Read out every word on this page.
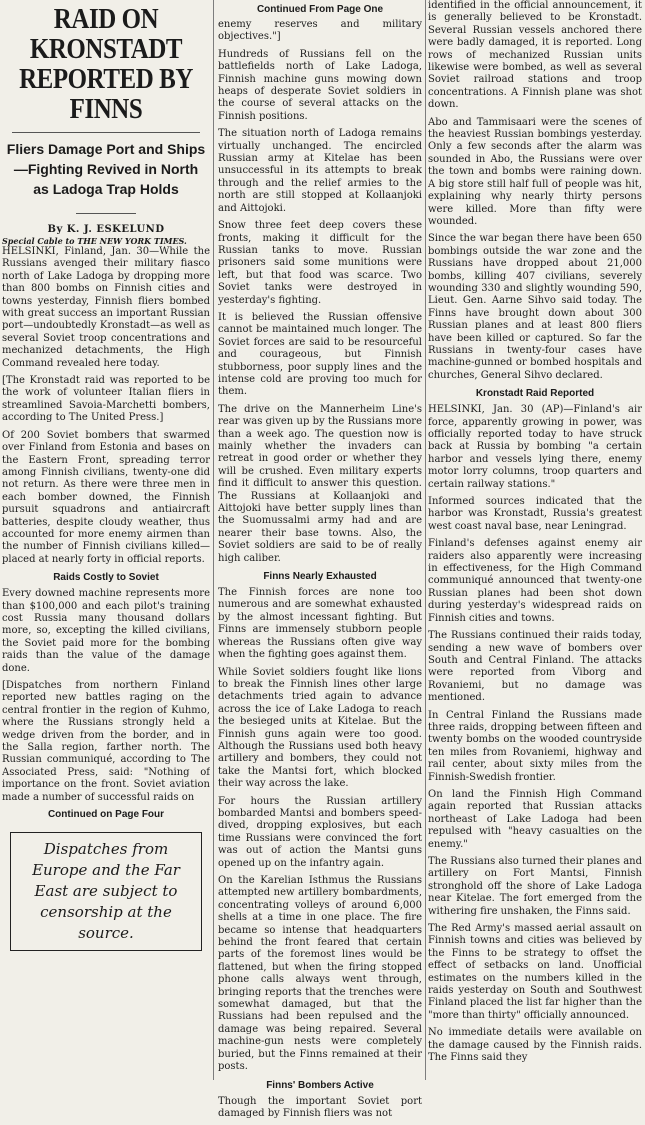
RAID ON KRONSTADT REPORTED BY FINNS
Fliers Damage Port and Ships —Fighting Revived in North as Ladoga Trap Holds
By K. J. ESKELUND
Special Cable to THE NEW YORK TIMES.

HELSINKI, Finland, Jan. 30—While the Russians avenged their military fiasco north of Lake Ladoga by dropping more than 800 bombs on Finnish cities and towns yesterday, Finnish fliers bombed with great success an important Russian port—undoubtedly Kronstadt—as well as several Soviet troop concentrations and mechanized detachments, the High Command revealed here today.

[The Kronstadt raid was reported to be the work of volunteer Italian fliers in streamlined Savoia-Marchetti bombers, according to The United Press.]

Of 200 Soviet bombers that swarmed over Finland from Estonia and bases on the Eastern Front, spreading terror among Finnish civilians, twenty-one did not return. As there were three men in each bomber downed, the Finnish pursuit squadrons and antiaircraft batteries, despite cloudy weather, thus accounted for more enemy airmen than the number of Finnish civilians killed—placed at nearly forty in official reports.

Raids Costly to Soviet

Every downed machine represents more than $100,000 and each pilot's training cost Russia many thousand dollars more, so, excepting the killed civilians, the Soviet paid more for the bombing raids than the value of the damage done.

[Dispatches from northern Finland reported new battles raging on the central frontier in the region of Kuhmo, where the Russians strongly held a wedge driven from the border, and in the Salla region, farther north. The Russian communiqué, according to The Associated Press, said: "Nothing of importance on the front. Soviet aviation made a number of successful raids on

Continued on Page Four
Dispatches from Europe and the Far East are subject to censorship at the source.
Continued From Page One

enemy reserves and military objectives."]

Hundreds of Russians fell on the battlefields north of Lake Ladoga, Finnish machine guns mowing down heaps of desperate Soviet soldiers in the course of several attacks on the Finnish positions.

The situation north of Ladoga remains virtually unchanged. The encircled Russian army at Kitelae has been unsuccessful in its attempts to break through and the relief armies to the north are still stopped at Kollaanjoki and Aittojoki.

Snow three feet deep covers these fronts, making it difficult for the Russian tanks to move. Russian prisoners said some munitions were left, but that food was scarce. Two Soviet tanks were destroyed in yesterday's fighting.

It is believed the Russian offensive cannot be maintained much longer. The Soviet forces are said to be resourceful and courageous, but Finnish stubborness, poor supply lines and the intense cold are proving too much for them.

The drive on the Mannerheim Line's rear was given up by the Russians more than a week ago. The question now is mainly whether the invaders can retreat in good order or whether they will be crushed. Even military experts find it difficult to answer this question. The Russians at Kollaanjoki and Aittojoki have better supply lines than the Suomussalmi army had and are nearer their base towns. Also, the Soviet soldiers are said to be of really high caliber.

Finns Nearly Exhausted

The Finnish forces are none too numerous and are somewhat exhausted by the almost incessant fighting. But Finns are immensely stubborn people whereas the Russians often give way when the fighting goes against them.

While Soviet soldiers fought like lions to break the Finnish lines other large detachments tried again to advance across the ice of Lake Ladoga to reach the besieged units at Kitelae. But the Finnish guns again were too good. Although the Russians used both heavy artillery and bombers, they could not take the Mantsi fort, which blocked their way across the lake.

For hours the Russian artillery bombarded Mantsi and bombers speed-dived, dropping explosives, but each time Russians were convinced the fort was out of action the Mantsi guns opened up on the infantry again.

On the Karelian Isthmus the Russians attempted new artillery bombardments, concentrating volleys of around 6,000 shells at a time in one place. The fire became so intense that headquarters behind the front feared that certain parts of the foremost lines would be flattened, but when the firing stopped phone calls always went through, bringing reports that the trenches were somewhat damaged, but that the Russians had been repulsed and the damage was being repaired. Several machine-gun nests were completely buried, but the Finns remained at their posts.

Finns' Bombers Active

Though the important Soviet port damaged by Finnish fliers was not

identified in the official announcement, it is generally believed to be Kronstadt. Several Russian vessels anchored there were badly damaged, it is reported. Long rows of mechanized Russian units likewise were bombed, as well as several Soviet railroad stations and troop concentrations. A Finnish plane was shot down.

Abo and Tammisaari were the scenes of the heaviest Russian bombings yesterday. Only a few seconds after the alarm was sounded in Abo, the Russians were over the town and bombs were raining down. A big store still half full of people was hit, explaining why nearly thirty persons were killed. More than fifty were wounded.

Since the war began there have been 650 bombings outside the war zone and the Russians have dropped about 21,000 bombs, killing 407 civilians, severely wounding 330 and slightly wounding 590, Lieut. Gen. Aarne Sihvo said today. The Finns have brought down about 300 Russian planes and at least 800 fliers have been killed or captured. So far the Russians in twenty-four cases have machine-gunned or bombed hospitals and churches, General Sihvo declared.

Kronstadt Raid Reported

HELSINKI, Jan. 30 (AP)—Finland's air force, apparently growing in power, was officially reported today to have struck back at Russia by bombing "a certain harbor and vessels lying there, enemy motor lorry columns, troop quarters and certain railway stations."

Informed sources indicated that the harbor was Kronstadt, Russia's greatest west coast naval base, near Leningrad.

Finland's defenses against enemy air raiders also apparently were increasing in effectiveness, for the High Command communiqué announced that twenty-one Russian planes had been shot down during yesterday's widespread raids on Finnish cities and towns.

The Russians continued their raids today, sending a new wave of bombers over South and Central Finland. The attacks were reported from Viborg and Rovaniemi, but no damage was mentioned.

In Central Finland the Russians made three raids, dropping between fifteen and twenty bombs on the wooded countryside ten miles from Rovaniemi, highway and rail center, about sixty miles from the Finnish-Swedish frontier.

On land the Finnish High Command again reported that Russian attacks northeast of Lake Ladoga had been repulsed with "heavy casualties on the enemy."

The Russians also turned their planes and artillery on Fort Mantsi, Finnish stronghold off the shore of Lake Ladoga near Kitelae. The fort emerged from the withering fire unshaken, the Finns said.

The Red Army's massed aerial assault on Finnish towns and cities was believed by the Finns to be strategy to offset the effect of setbacks on land. Unofficial estimates on the numbers killed in the raids yesterday on South and Southwest Finland placed the list far higher than the "more than thirty" officially announced.

No immediate details were available on the damage caused by the Finnish raids. The Finns said they
